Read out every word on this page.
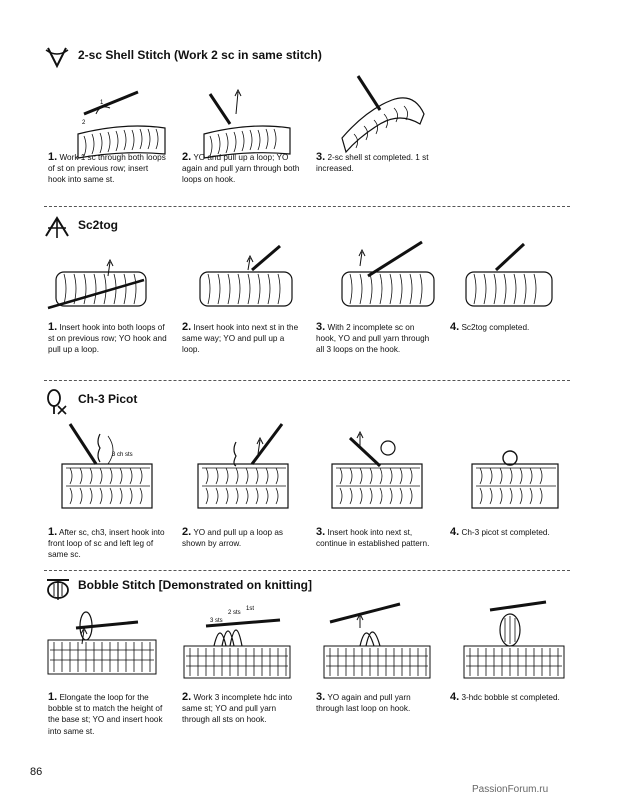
2-sc Shell Stitch (Work 2 sc in same stitch)
1
2
1. Work 1 sc through both loops of st on previous row; insert hook into same st.
2. YO and pull up a loop; YO again and pull yarn through both loops on hook.
3. 2-sc shell st completed. 1 st increased.
Sc2tog
1. Insert hook into both loops of st on previous row; YO hook and pull up a loop.
2. Insert hook into next st in the same way; YO and pull up a loop.
3. With 2 incomplete sc on hook, YO and pull yarn through all 3 loops on the hook.
4. Sc2tog completed.
Ch-3 Picot
3 ch sts
1. After sc, ch3, insert hook into front loop of sc and left leg of same sc.
2. YO and pull up a loop as shown by arrow.
3. Insert hook into next st, continue in established pattern.
4. Ch-3 picot st completed.
Bobble Stitch [Demonstrated on knitting]
1. Elongate the loop for the bobble st to match the height of the base st; YO and insert hook into same st.
3 sts
2 sts
1st
2. Work 3 incomplete hdc into same st; YO and pull yarn through all sts on hook.
3. YO again and pull yarn through last loop on hook.
4. 3-hdc bobble st completed.
86
PassionForum.ru
